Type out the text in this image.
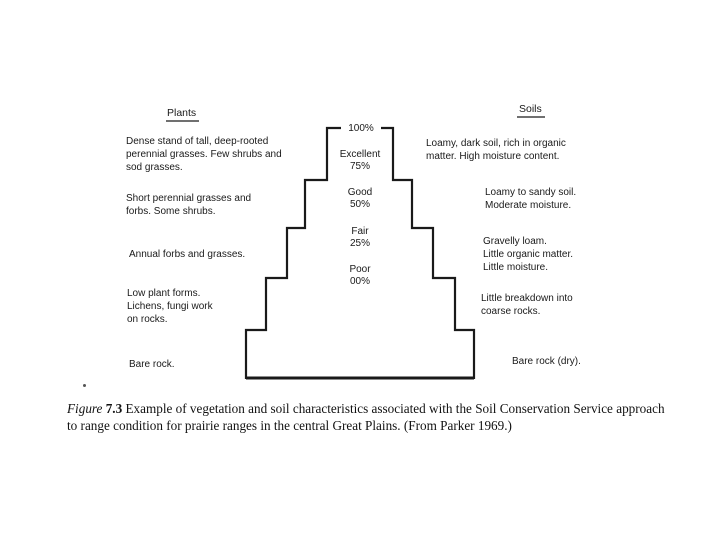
Plants	Soils
100%
Excellent
75%
Good
50%
Fair
25%
Poor
00%
Dense stand of tall, deep-rooted
perennial grasses. Few shrubs and
sod grasses.
Short perennial grasses and
forbs. Some shrubs.
Annual forbs and grasses.
Low plant forms.
Lichens, fungi work
on rocks.
Bare rock.
Loamy, dark soil, rich in organic
matter. High moisture content.
Loamy to sandy soil.
Moderate moisture.
Gravelly loam.
Little organic matter.
Little moisture.
Little breakdown into
coarse rocks.
Bare rock (dry).
Figure 7.3 Example of vegetation and soil characteristics associated with the Soil Conservation Service approach to range condition for prairie ranges in the central Great Plains. (From Parker 1969.)
